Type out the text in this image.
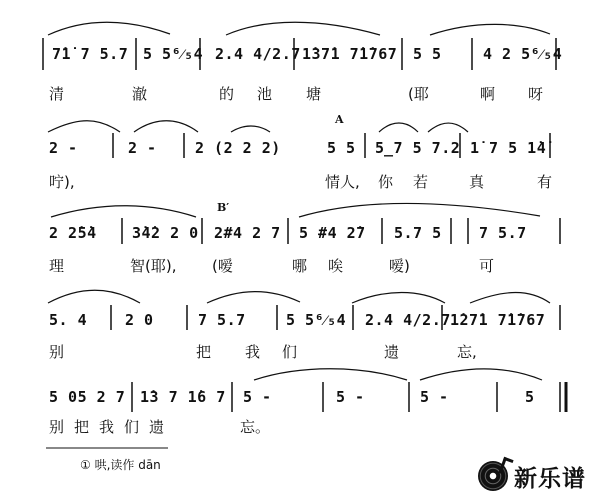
7̇1̇ 7 5.7 5 5⁶⁄₅4 2.4 4/2.7 1̇37̇1 7̇1̇767 5 5	4 2 5⁶⁄₅4
清	澈	的 池 塘	(耶	啊 呀
A
2 -	2 -	2 (2 2 2)	5 5 5̲7 5 7.2 1̇ 7 5 1̇4̇
咛),	情人, 你 若	真	有
B′
2 2̇5̇4 3̇4̇2 2 0 2#4 2 7 5 #4 2̇7 5.7 5 7 5.7
理	智(耶), (嗳	哪 唉	嗳)	可
5. 4	2 0	7 5.7	5 5⁶⁄₅4 2.4 4/2.7 1̇27̇1 7̇1̇767
别	把 我 们	遗	忘,
5 05 2 7 1̇3 7 1̇6 7 5 -	5 -	5 -	5
别 把 我 们 遗	忘。
① 哄,读作 dān
新乐谱
